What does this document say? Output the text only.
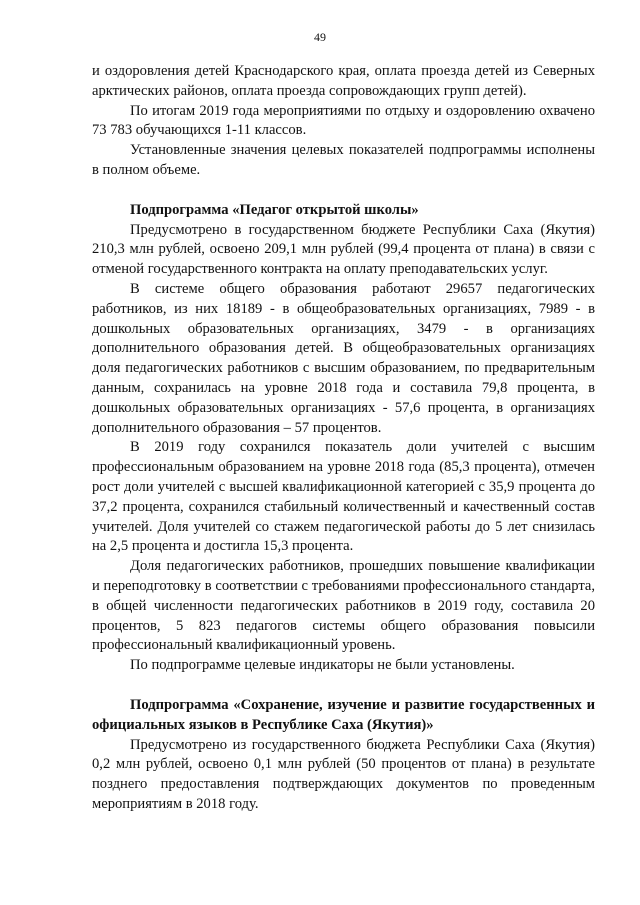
49

и оздоровления детей Краснодарского края, оплата проезда детей из Северных арктических районов, оплата проезда сопровождающих групп детей).

По итогам 2019 года мероприятиями по отдыху и оздоровлению охвачено 73 783 обучающихся 1-11 классов.

Установленные значения целевых показателей подпрограммы исполнены в полном объеме.

Подпрограмма «Педагог открытой школы»

Предусмотрено в государственном бюджете Республики Саха (Якутия) 210,3 млн рублей, освоено 209,1 млн рублей (99,4 процента от плана) в связи с отменой государственного контракта на оплату преподавательских услуг.

В системе общего образования работают 29657 педагогических работников, из них 18189 - в общеобразовательных организациях, 7989 - в дошкольных образовательных организациях, 3479 - в организациях дополнительного образования детей. В общеобразовательных организациях доля педагогических работников с высшим образованием, по предварительным данным, сохранилась на уровне 2018 года и составила 79,8 процента, в дошкольных образовательных организациях - 57,6 процента, в организациях дополнительного образования – 57 процентов.

В 2019 году сохранился показатель доли учителей с высшим профессиональным образованием на уровне 2018 года (85,3 процента), отмечен рост доли учителей с высшей квалификационной категорией с 35,9 процента до 37,2 процента, сохранился стабильный количественный и качественный состав учителей. Доля учителей со стажем педагогической работы до 5 лет снизилась на 2,5 процента и достигла 15,3 процента.

Доля педагогических работников, прошедших повышение квалификации и переподготовку в соответствии с требованиями профессионального стандарта, в общей численности педагогических работников в 2019 году, составила 20 процентов, 5 823 педагогов системы общего образования повысили профессиональный квалификационный уровень.

По подпрограмме целевые индикаторы не были установлены.

Подпрограмма «Сохранение, изучение и развитие государственных и официальных языков в Республике Саха (Якутия)»

Предусмотрено из государственного бюджета Республики Саха (Якутия) 0,2 млн рублей, освоено 0,1 млн рублей (50 процентов от плана) в результате позднего предоставления подтверждающих документов по проведенным мероприятиям в 2018 году.
